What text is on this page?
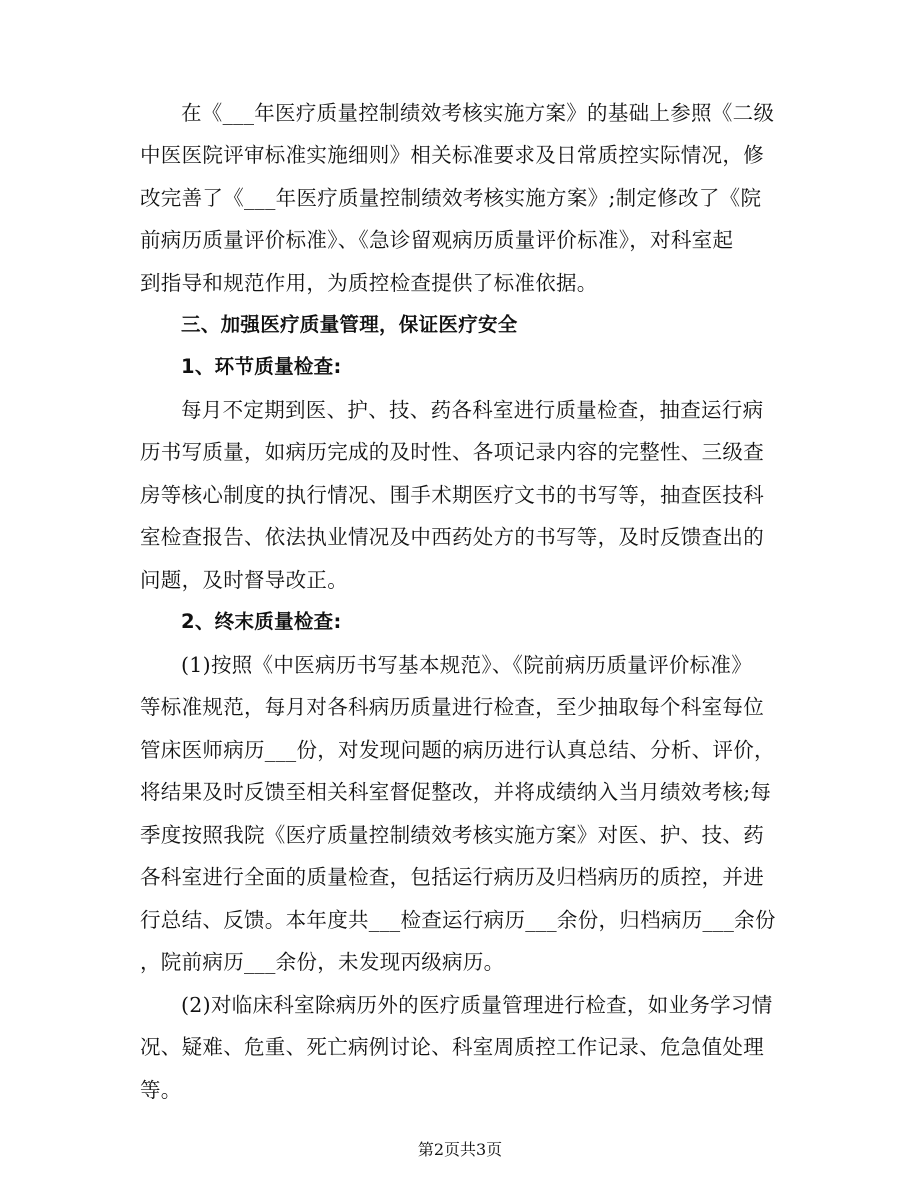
在《___年医疗质量控制绩效考核实施方案》的基础上参照《二级
中医医院评审标准实施细则》相关标准要求及日常质控实际情况，修
改完善了《___年医疗质量控制绩效考核实施方案》;制定修改了《院
前病历质量评价标准》、《急诊留观病历质量评价标准》，对科室起
到指导和规范作用，为质控检查提供了标准依据。
三、加强医疗质量管理，保证医疗安全
1、环节质量检查:
每月不定期到医、护、技、药各科室进行质量检查，抽查运行病
历书写质量，如病历完成的及时性、各项记录内容的完整性、三级查
房等核心制度的执行情况、围手术期医疗文书的书写等，抽查医技科
室检查报告、依法执业情况及中西药处方的书写等，及时反馈查出的
问题，及时督导改正。
2、终末质量检查:
(1)按照《中医病历书写基本规范》、《院前病历质量评价标准》
等标准规范，每月对各科病历质量进行检查，至少抽取每个科室每位
管床医师病历___份，对发现问题的病历进行认真总结、分析、评价，
将结果及时反馈至相关科室督促整改，并将成绩纳入当月绩效考核;每
季度按照我院《医疗质量控制绩效考核实施方案》对医、护、技、药
各科室进行全面的质量检查，包括运行病历及归档病历的质控，并进
行总结、反馈。本年度共___检查运行病历___余份，归档病历___余份
，院前病历___余份，未发现丙级病历。
(2)对临床科室除病历外的医疗质量管理进行检查，如业务学习情
况、疑难、危重、死亡病例讨论、科室周质控工作记录、危急值处理
等。
第2页共3页
